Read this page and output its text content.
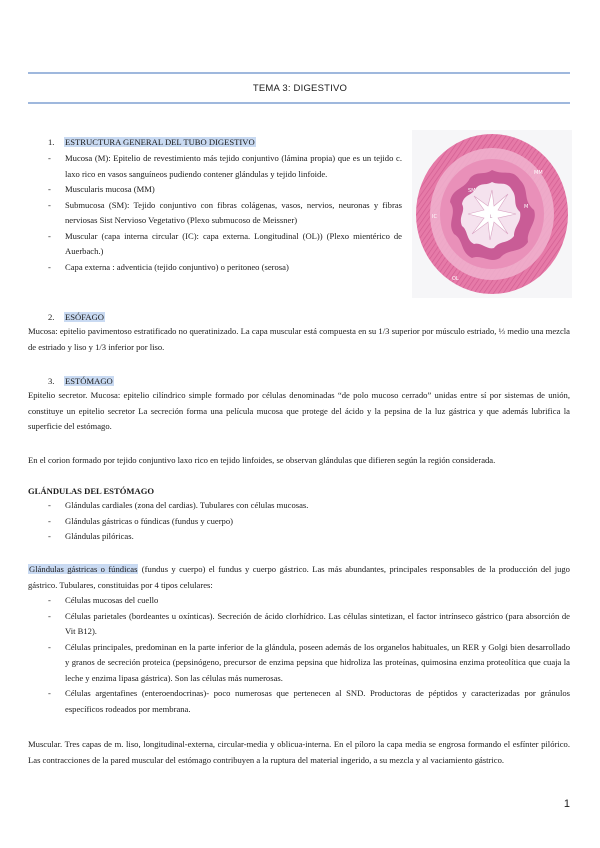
TEMA 3: DIGESTIVO
1. ESTRUCTURA GENERAL DEL TUBO DIGESTIVO
- Mucosa (M): Epitelio de revestimiento más tejido conjuntivo (lámina propia) que es un tejido c. laxo rico en vasos sanguíneos pudiendo contener glándulas y tejido linfoide.
- Muscularis mucosa (MM)
- Submucosa (SM): Tejido conjuntivo con fibras colágenas, vasos, nervios, neuronas y fibras nerviosas Sist Nervioso Vegetativo (Plexo submucoso de Meissner)
- Muscular (capa interna circular (IC): capa externa. Longitudinal (OL)) (Plexo mientérico de Auerbach.)
- Capa externa : adventicia (tejido conjuntivo) o peritoneo (serosa)
MM
SM
M
IC	L
OL
2. ESÓFAGO

Mucosa: epitelio pavimentoso estratificado no queratinizado. La capa muscular está compuesta en su 1/3 superior por músculo estriado, ⅓ medio una mezcla de estriado y liso y 1/3 inferior por liso.

3. ESTÓMAGO

Epitelio secretor. Mucosa: epitelio cilíndrico simple formado por células denominadas “de polo mucoso cerrado” unidas entre sí por sistemas de unión, constituye un epitelio secretor La secreción forma una película mucosa que protege del ácido y la pepsina de la luz gástrica y que además lubrifica la superficie del estómago.

En el corion formado por tejido conjuntivo laxo rico en tejido linfoides, se observan glándulas que difieren según la región considerada.

GLÁNDULAS DEL ESTÓMAGO
- Glándulas cardiales (zona del cardias). Tubulares con células mucosas.
- Glándulas gástricas o fúndicas (fundus y cuerpo)
- Glándulas pilóricas.

Glándulas gástricas o fúndicas (fundus y cuerpo) el fundus y cuerpo gástrico. Las más abundantes, principales responsables de la producción del jugo gástrico. Tubulares, constituidas por 4 tipos celulares:

- Células mucosas del cuello
- Células parietales (bordeantes u oxínticas). Secreción de ácido clorhídrico. Las células sintetizan, el factor intrínseco gástrico (para absorción de Vit B12).
- Células principales, predominan en la parte inferior de la glándula, poseen además de los organelos habituales, un RER y Golgi bien desarrollado y granos de secreción proteica (pepsinógeno, precursor de enzima pepsina que hidroliza las proteínas, quimosina enzima proteolítica que cuaja la leche y enzima lipasa gástrica). Son las células más numerosas.
- Células argentafines (enteroendocrinas)- poco numerosas que pertenecen al SND. Productoras de péptidos y caracterizadas por gránulos específicos rodeados por membrana.

Muscular. Tres capas de m. liso, longitudinal-externa, circular-media y oblicua-interna. En el píloro la capa media se engrosa formando el esfínter pilórico. Las contracciones de la pared muscular del estómago contribuyen a la ruptura del material ingerido, a su mezcla y al vaciamiento gástrico.

1
